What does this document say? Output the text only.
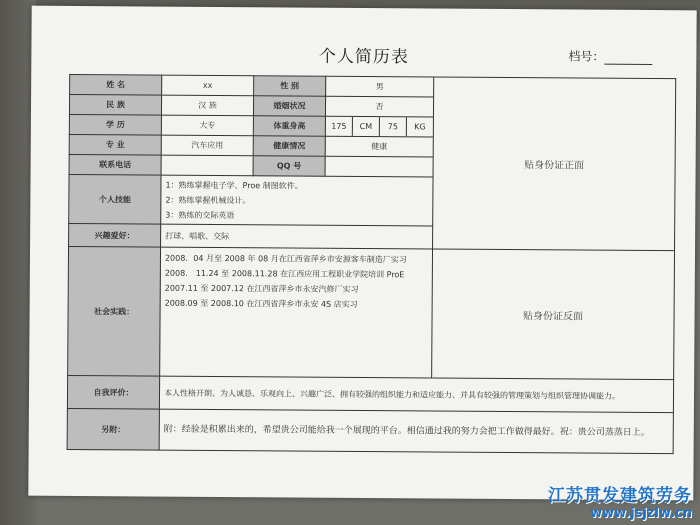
个人简历表	档号：
姓 名	xx	性 别	男	贴身份证正面
民 族	汉 族	婚姻状况	否	
学 历	大专	体重身高	175 CM 75 KG	

专 业	汽车应用	健康情况	健康	
联系电话		QQ 号		
个人技能	1：熟练掌握电子学、Proe 制图软件。
2：熟练掌握机械设计。
3：熟练的交际英语			

兴趣爱好：	打球、唱歌、交际			
社会实践：	2008．04 月至 2008 年 08 月在江西省萍乡市安源客车制造厂实习
2008． 11.24 至 2008.11.28 在江西应用工程职业学院培训 ProE
2007.11 至 2007.12 在江西省萍乡市永安汽修厂实习
2008.09 至 2008.10 在江西省萍乡市永安 4S 店实习			贴身份证反面
自我评价：	本人性格开朗、为人诚恳、乐观向上、兴趣广泛、拥有较强的组织能力和适应能力、并具有较强的管理策划与组织管理协调能力。			
另附：	附：经验是积累出来的，希望贵公司能给我一个展现的平台。相信通过我的努力会把工作做得最好。祝：贵公司蒸蒸日上。			
江苏贯发建筑劳务
www.jsjzlw.cn
